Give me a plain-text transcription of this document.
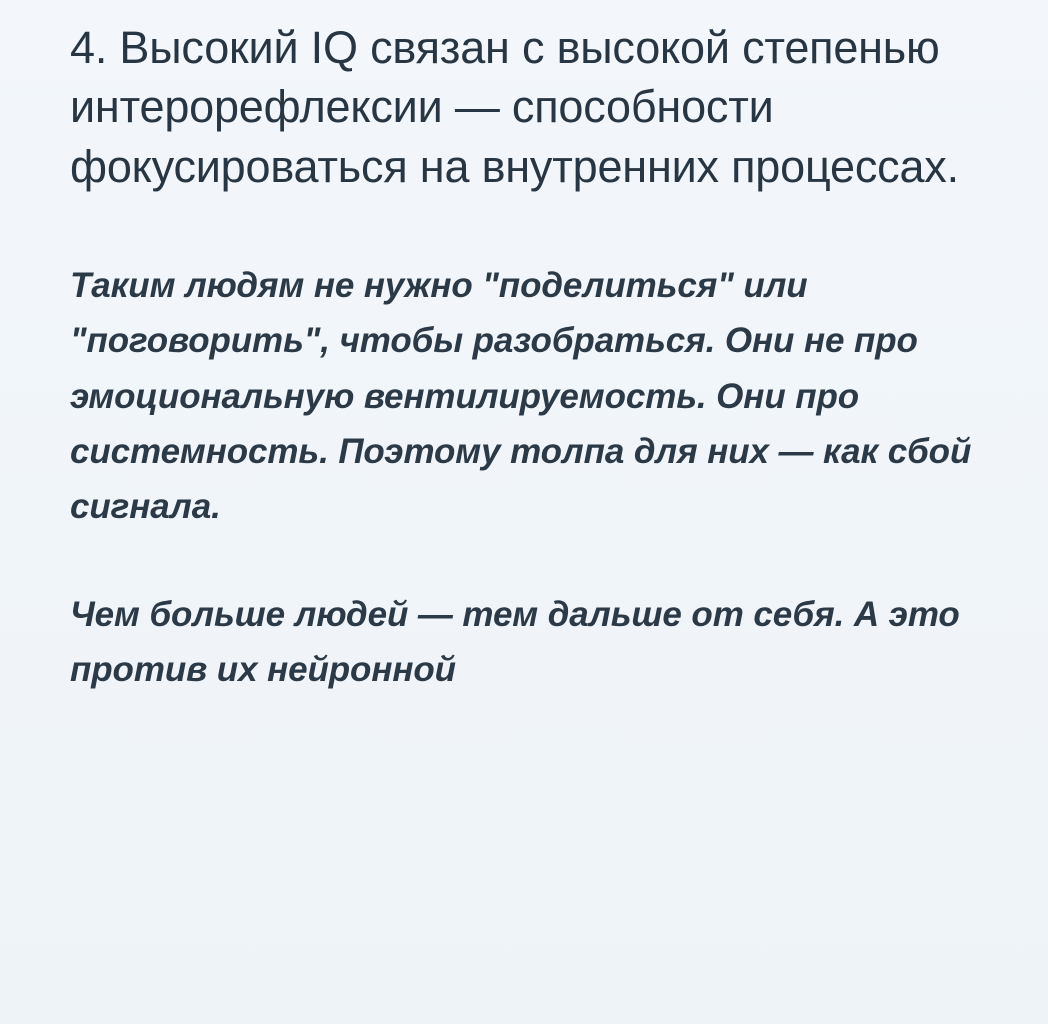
4. Высокий IQ связан с высокой степенью интерорефлексии — способности фокусироваться на внутренних процессах.

Таким людям не нужно "поделиться" или "поговорить", чтобы разобраться. Они не про эмоциональную вентилируемость. Они про системность. Поэтому толпа для них — как сбой сигнала.

Чем больше людей — тем дальше от себя. А это против их нейронной
